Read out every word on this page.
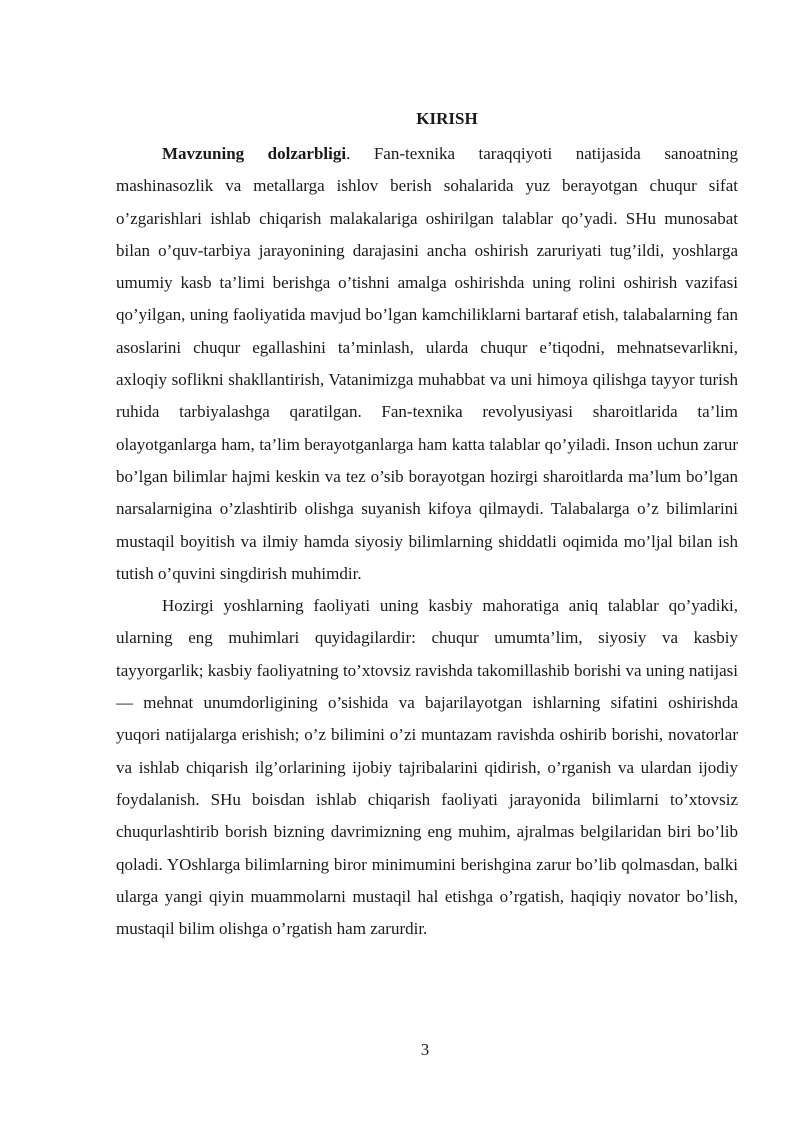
KIRISH

Mavzuning dolzarbligi. Fan-texnika taraqqiyoti natijasida sanoatning mashinasozlik va metallarga ishlov berish sohalarida yuz berayotgan chuqur sifat o’zgarishlari ishlab chiqarish malakalariga oshirilgan talablar qo’yadi. SHu munosabat bilan o’quv-tarbiya jarayonining darajasini ancha oshirish zaruriyati tug’ildi, yoshlarga umumiy kasb ta’limi berishga o’tishni amalga oshirishda uning rolini oshirish vazifasi qo’yilgan, uning faoliyatida mavjud bo’lgan kamchiliklarni bartaraf etish, talabalarning fan asoslarini chuqur egallashini ta’minlash, ularda chuqur e’tiqodni, mehnatsevarlikni, axloqiy soflikni shakllantirish, Vatanimizga muhabbat va uni himoya qilishga tayyor turish ruhida tarbiyalashga qaratilgan. Fan-texnika revolyusiyasi sharoitlarida ta’lim olayotganlarga ham, ta’lim berayotganlarga ham katta talablar qo’yiladi. Inson uchun zarur bo’lgan bilimlar hajmi keskin va tez o’sib borayotgan hozirgi sharoitlarda ma’lum bo’lgan narsalarnigina o’zlashtirib olishga suyanish kifoya qilmaydi. Talabalarga o’z bilimlarini mustaqil boyitish va ilmiy hamda siyosiy bilimlarning shiddatli oqimida mo’ljal bilan ish tutish o’quvini singdirish muhimdir.

Hozirgi yoshlarning faoliyati uning kasbiy mahoratiga aniq talablar qo’yadiki, ularning eng muhimlari quyidagilardir: chuqur umumta’lim, siyosiy va kasbiy tayyorgarlik; kasbiy faoliyatning to’xtovsiz ravishda takomillashib borishi va uning natijasi — mehnat unumdorligining o’sishida va bajarilayotgan ishlarning sifatini oshirishda yuqori natijalarga erishish; o’z bilimini o’zi muntazam ravishda oshirib borishi, novatorlar va ishlab chiqarish ilg’orlarining ijobiy tajribalarini qidirish, o’rganish va ulardan ijodiy foydalanish. SHu boisdan ishlab chiqarish faoliyati jarayonida bilimlarni to’xtovsiz chuqurlashtirib borish bizning davrimizning eng muhim, ajralmas belgilaridan biri bo’lib qoladi. YOshlarga bilimlarning biror minimumini berishgina zarur bo’lib qolmasdan, balki ularga yangi qiyin muammolarni mustaqil hal etishga o’rgatish, haqiqiy novator bo’lish, mustaqil bilim olishga o’rgatish ham zarurdir.

3
